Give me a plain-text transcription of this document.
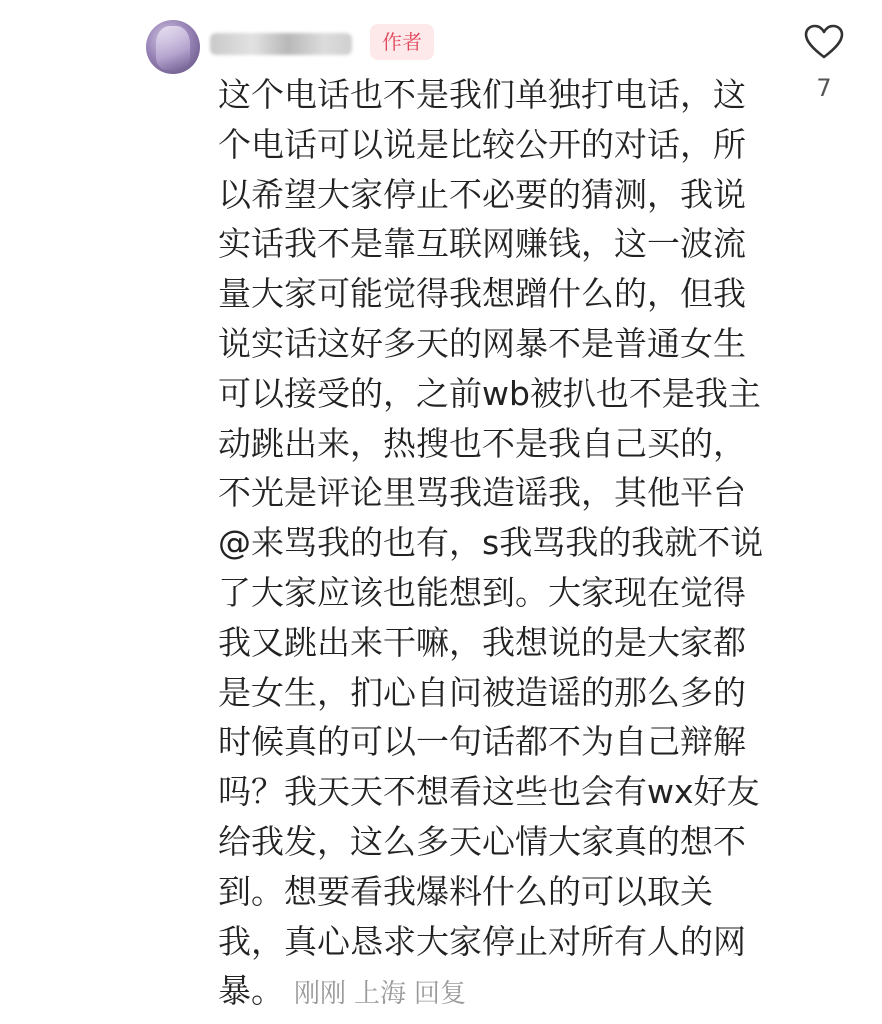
作者
这个电话也不是我们单独打电话，这
个电话可以说是比较公开的对话，所
以希望大家停止不必要的猜测，我说
实话我不是靠互联网赚钱，这一波流
量大家可能觉得我想蹭什么的，但我
说实话这好多天的网暴不是普通女生
可以接受的，之前wb被扒也不是我主
动跳出来，热搜也不是我自己买的，
不光是评论里骂我造谣我，其他平台
@来骂我的也有，s我骂我的我就不说
了大家应该也能想到。大家现在觉得
我又跳出来干嘛，我想说的是大家都
是女生，扪心自问被造谣的那么多的
时候真的可以一句话都不为自己辩解
吗？我天天不想看这些也会有wx好友
给我发，这么多天心情大家真的想不
到。想要看我爆料什么的可以取关
我，真心恳求大家停止对所有人的网
暴。 刚刚 上海 回复
7
